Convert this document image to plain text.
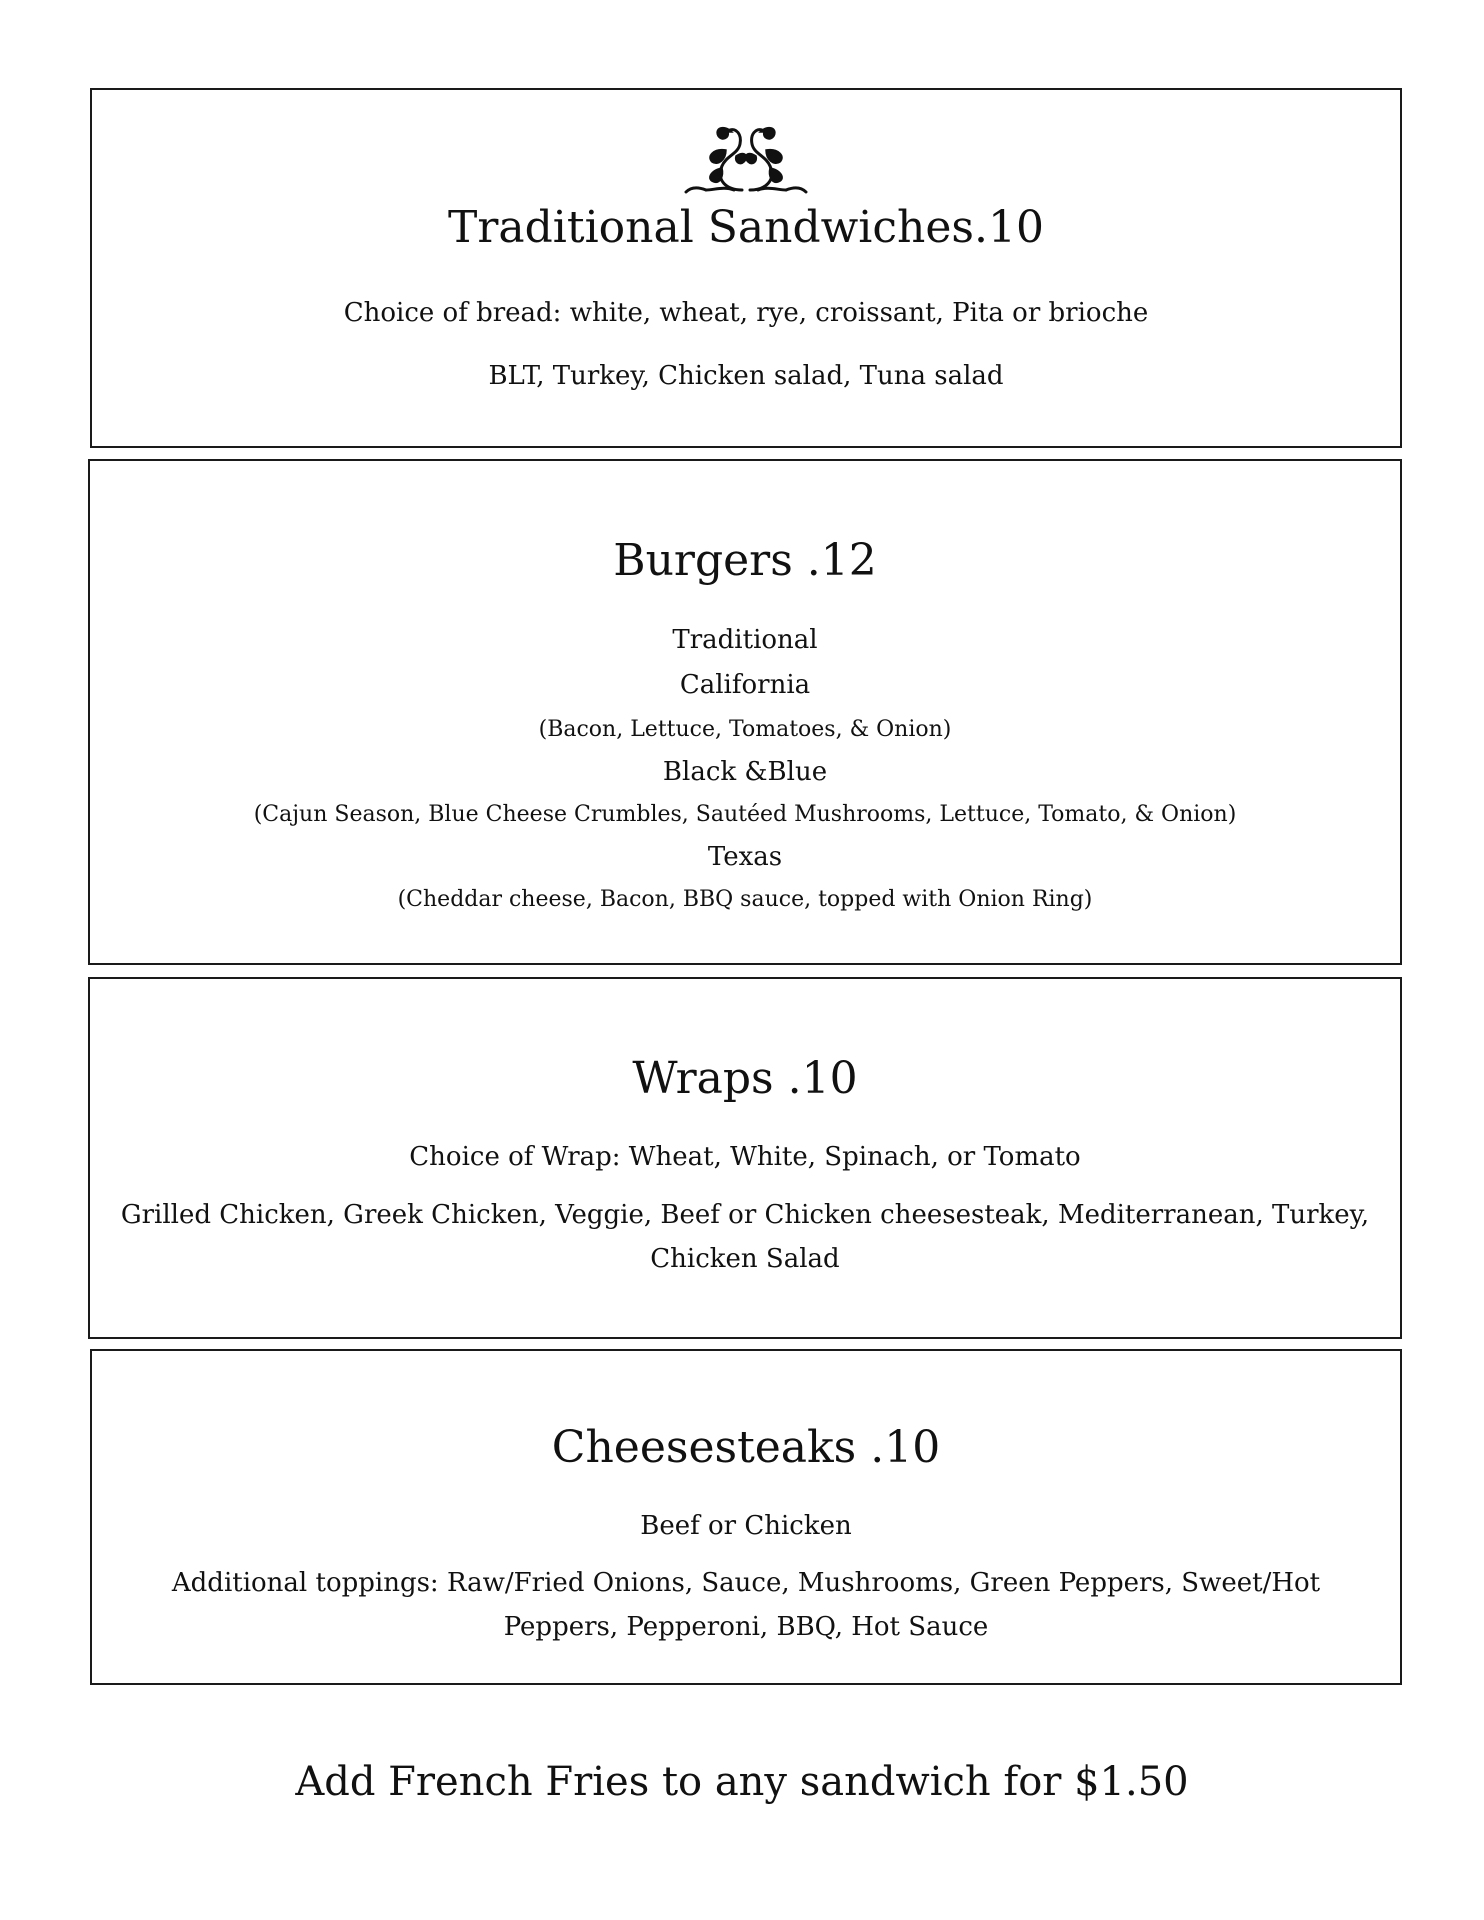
Traditional Sandwiches.10

Choice of bread: white, wheat, rye, croissant, Pita or brioche

BLT, Turkey, Chicken salad, Tuna salad

Burgers .12

Traditional

California

(Bacon, Lettuce, Tomatoes, & Onion)

Black &Blue

(Cajun Season, Blue Cheese Crumbles, Sautéed Mushrooms, Lettuce, Tomato, & Onion)

Texas

(Cheddar cheese, Bacon, BBQ sauce, topped with Onion Ring)

Wraps .10

Choice of Wrap: Wheat, White, Spinach, or Tomato

Grilled Chicken, Greek Chicken, Veggie, Beef or Chicken cheesesteak, Mediterranean, Turkey, Chicken Salad

Cheesesteaks .10

Beef or Chicken

Additional toppings: Raw/Fried Onions, Sauce, Mushrooms, Green Peppers, Sweet/Hot Peppers, Pepperoni, BBQ, Hot Sauce

Add French Fries to any sandwich for $1.50
